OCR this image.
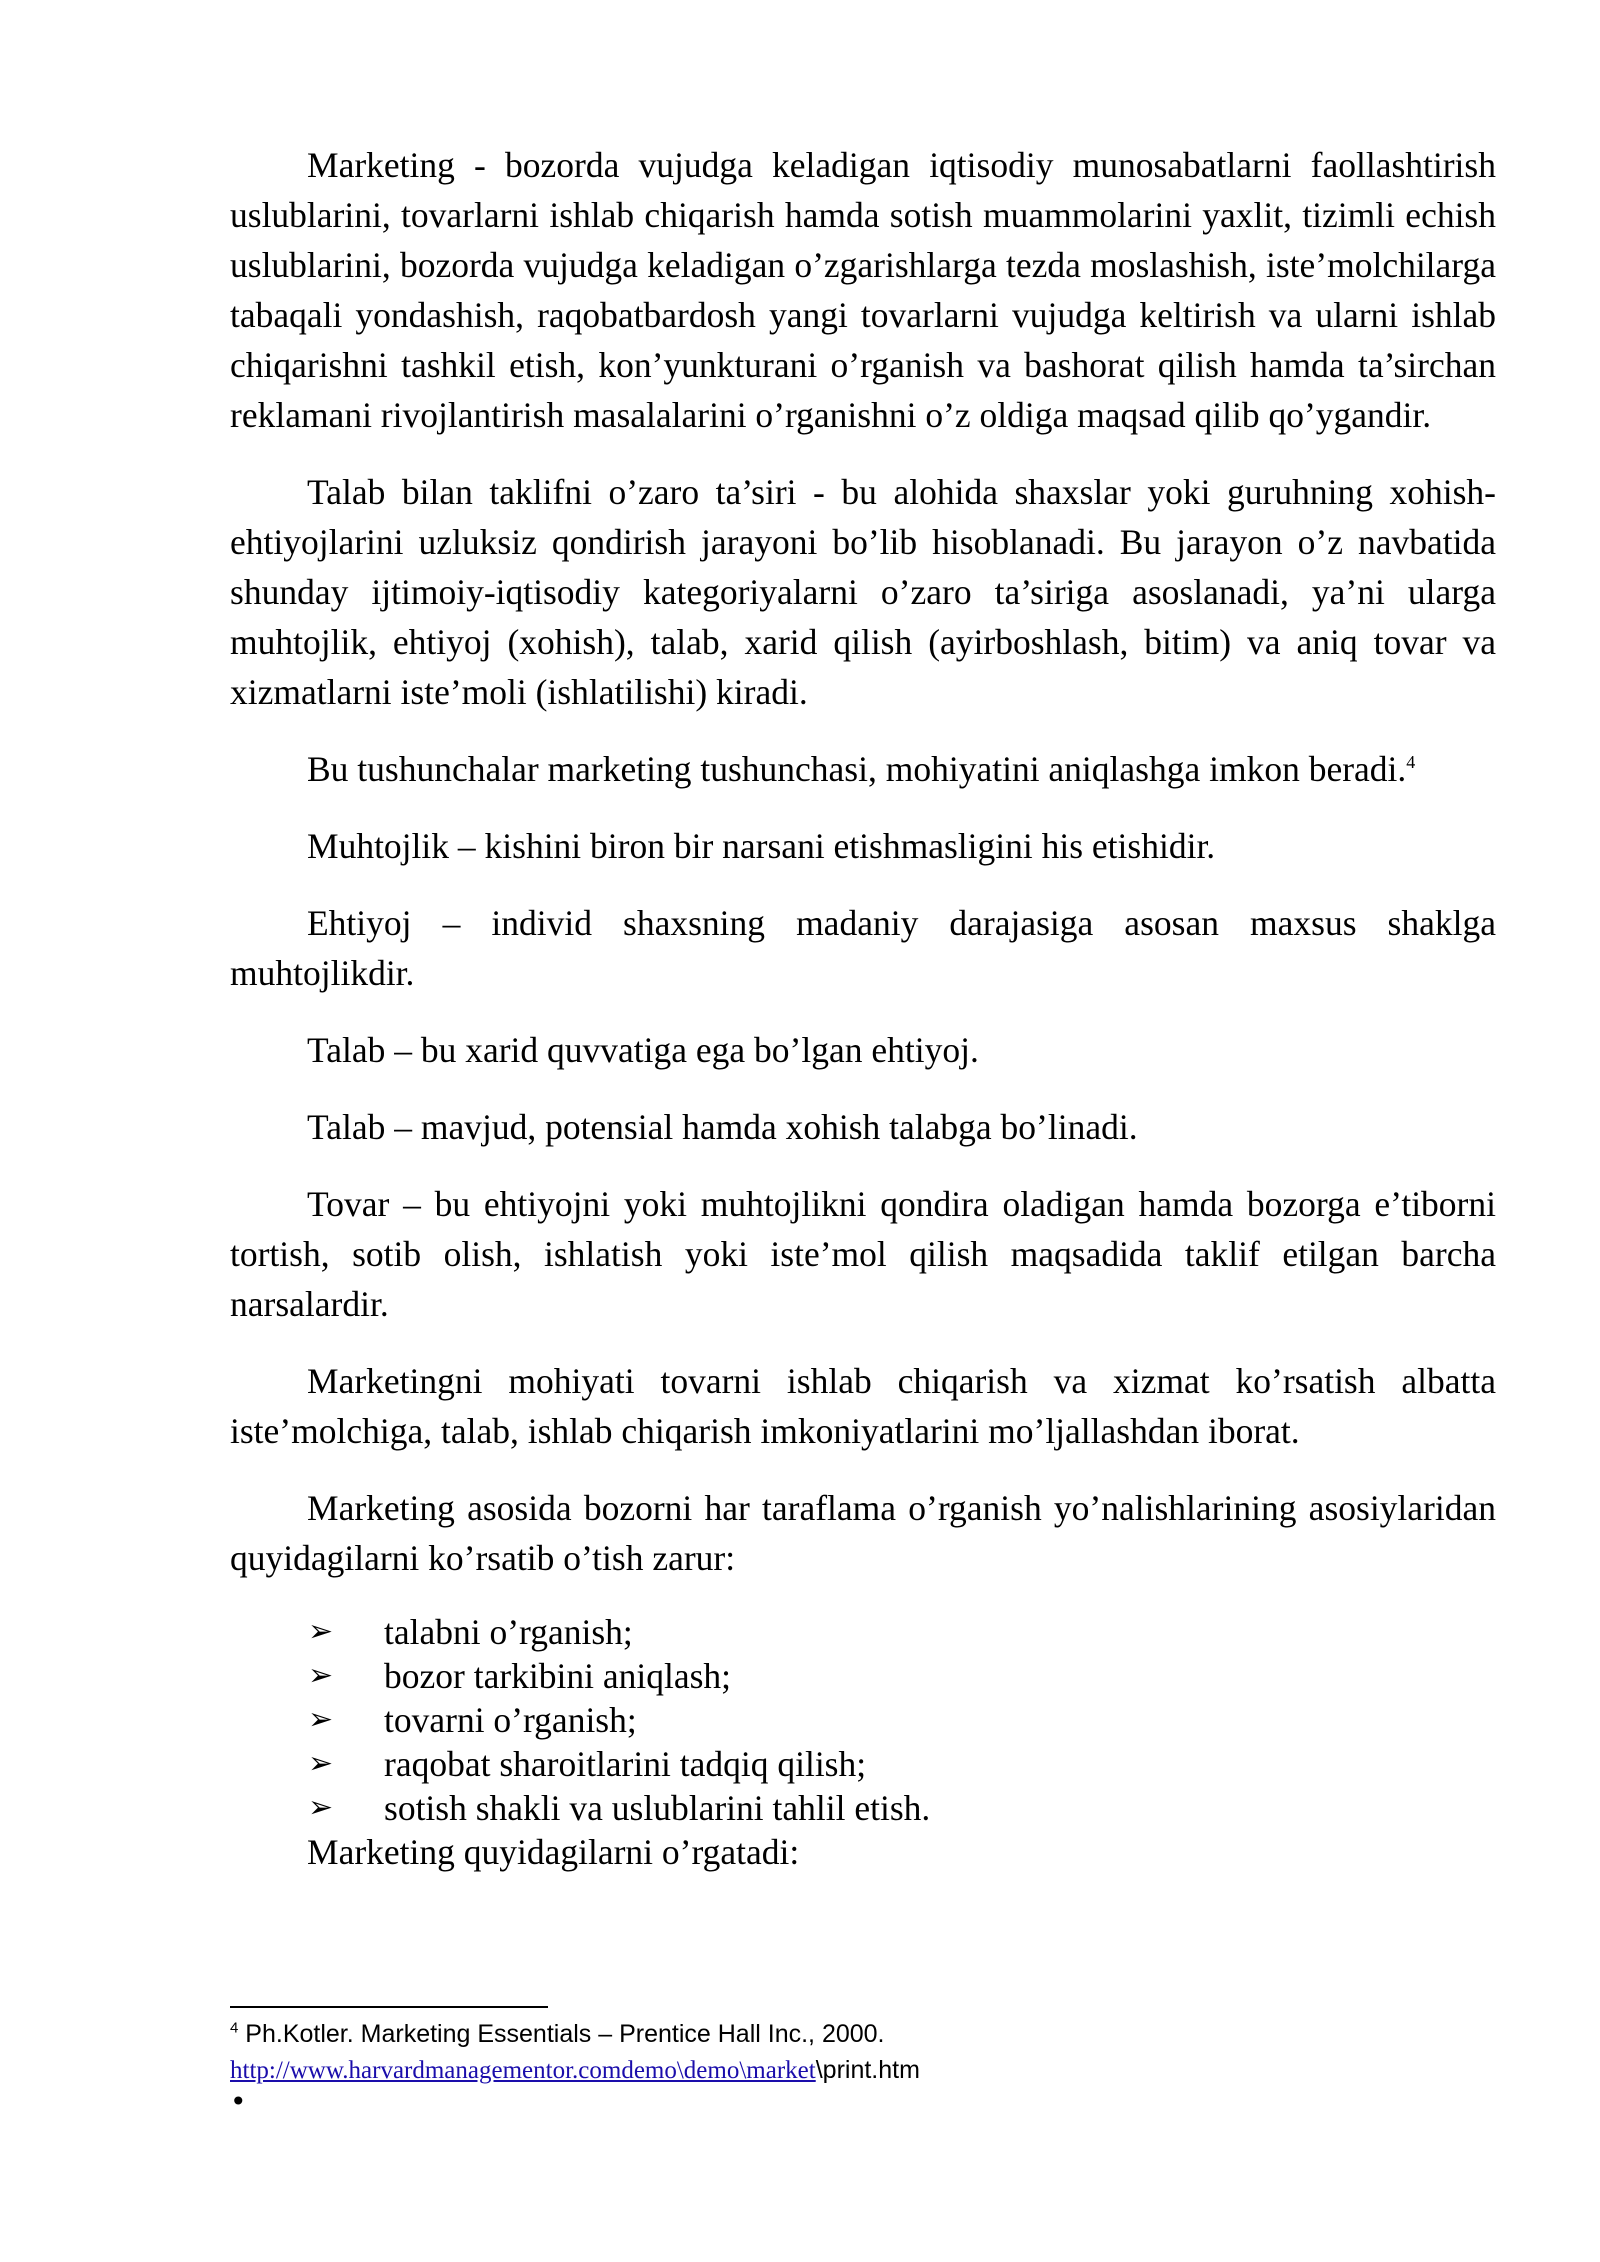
Marketing - bozorda vujudga keladigan iqtisodiy munosabatlarni faollashtirish uslublarini, tovarlarni ishlab chiqarish hamda sotish muammolarini yaxlit, tizimli echish uslublarini, bozorda vujudga keladigan o’zgarishlarga tezda moslashish, iste’molchilarga tabaqali yondashish, raqobatbardosh yangi tovarlarni vujudga keltirish va ularni ishlab chiqarishni tashkil etish, kon’yunkturani o’rganish va bashorat qilish hamda ta’sirchan reklamani rivojlantirish masalalarini o’rganishni o’z oldiga maqsad qilib qo’ygandir.

Talab bilan taklifni o’zaro ta’siri - bu alohida shaxslar yoki guruhning xohish-ehtiyojlarini uzluksiz qondirish jarayoni bo’lib hisoblanadi. Bu jarayon o’z navbatida shunday ijtimoiy-iqtisodiy kategoriyalarni o’zaro ta’siriga asoslanadi, ya’ni ularga muhtojlik, ehtiyoj (xohish), talab, xarid qilish (ayirboshlash, bitim) va aniq tovar va xizmatlarni iste’moli (ishlatilishi) kiradi.

Bu tushunchalar marketing tushunchasi, mohiyatini aniqlashga imkon beradi.$^4$

Muhtojlik – kishini biron bir narsani etishmasligini his etishidir.

Ehtiyoj – individ shaxsning madaniy darajasiga asosan maxsus shaklga muhtojlikdir.

Talab – bu xarid quvvatiga ega bo’lgan ehtiyoj.

Talab – mavjud, potensial hamda xohish talabga bo’linadi.

Tovar – bu ehtiyojni yoki muhtojlikni qondira oladigan hamda bozorga e’tiborni tortish, sotib olish, ishlatish yoki iste’mol qilish maqsadida taklif etilgan barcha narsalardir.

Marketingni mohiyati tovarni ishlab chiqarish va xizmat ko’rsatish albatta iste’molchiga, talab, ishlab chiqarish imkoniyatlarini mo’ljallashdan iborat.

Marketing asosida bozorni har taraflama o’rganish yo’nalishlarining asosiylaridan quyidagilarni ko’rsatib o’tish zarur:

➢ talabni o’rganish;
➢ bozor tarkibini aniqlash;
➢ tovarni o’rganish;
➢ raqobat sharoitlarini tadqiq qilish;
➢ sotish shakli va uslublarini tahlil etish.

Marketing quyidagilarni o’rgatadi:

$^4$ Ph.Kotler. Marketing Essentials – Prentice Hall Inc., 2000. http://www.harvardmanagementor.comdemo\demo\market\print.htm
•
